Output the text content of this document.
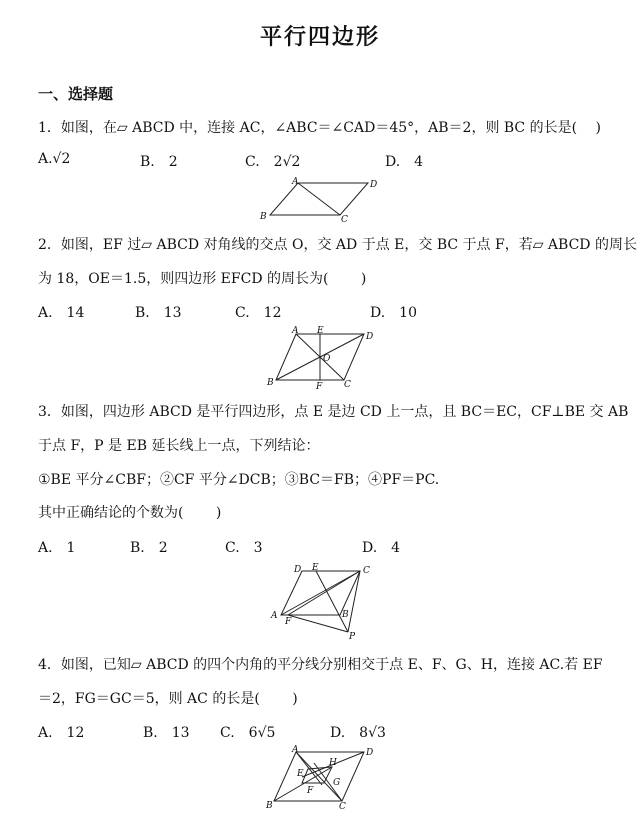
平行四边形
一、选择题
1．如图，在▱ ABCD 中，连接 AC，∠ABC＝∠CAD＝45°，AB＝2，则 BC 的长是(　 )
A.√2	B.　2	C.　2√2	D.　4
A
B	C
D
2．如图，EF 过▱ ABCD 对角线的交点 O，交 AD 于点 E，交 BC 于点 F，若▱ ABCD 的周长
为 18，OE＝1.5，则四边形 EFCD 的周长为(　 　)
A.　14	B.　13	C.　12	D.　10
A E
D
O
B	F C
3．如图，四边形 ABCD 是平行四边形，点 E 是边 CD 上一点，且 BC＝EC，CF⊥BE 交 AB
于点 F，P 是 EB 延长线上一点，下列结论：
①BE 平分∠CBF；②CF 平分∠DCB；③BC＝FB；④PF＝PC.
其中正确结论的个数为(　 　)
A.　1	B.　2	C.　3	D.　4
D E	C
A
F
B
P
4．如图，已知▱ ABCD 的四个内角的平分线分别相交于点 E、F、G、H，连接 AC.若 EF
＝2，FG＝GC＝5，则 AC 的长是(　 　)
A.　12	B.　13 C.　6√5	D.　8√3
A	D
H
E
G
F
B	C
